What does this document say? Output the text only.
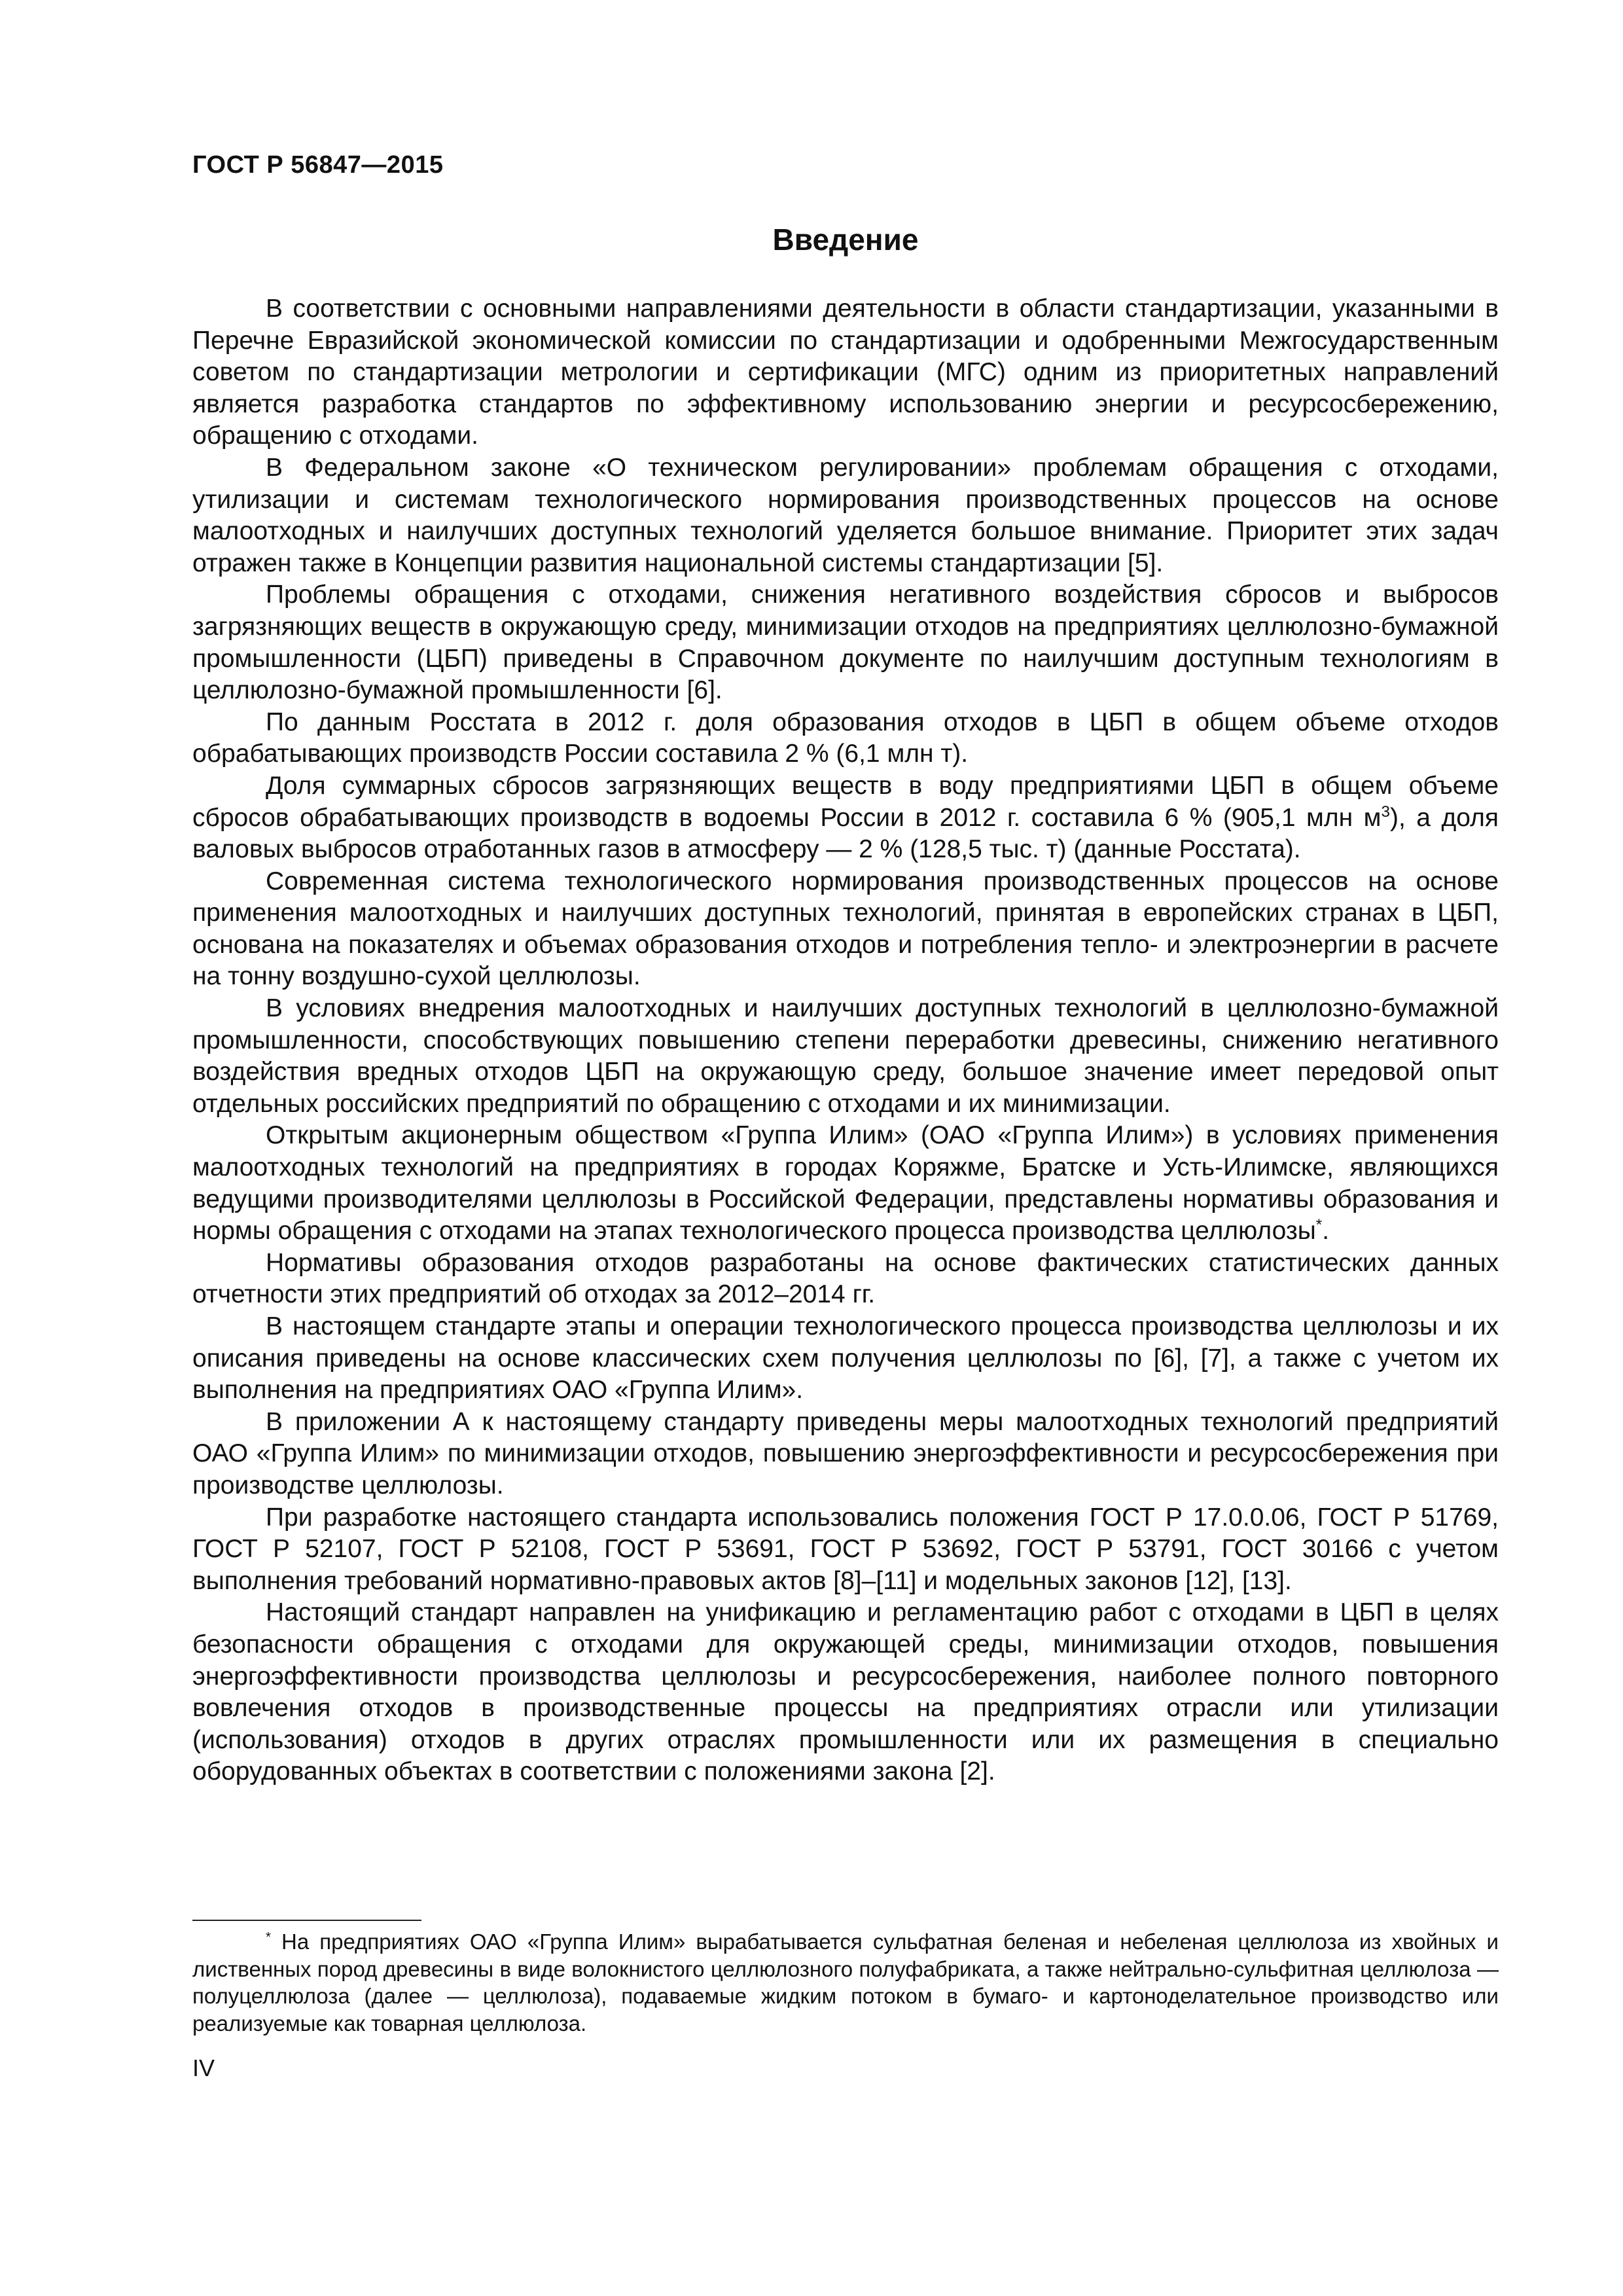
ГОСТ Р 56847—2015
Введение

В соответствии с основными направлениями деятельности в области стандартизации, указанными в Перечне Евразийской экономической комиссии по стандартизации и одобренными Межгосударственным советом по стандартизации метрологии и сертификации (МГС) одним из приоритетных направлений является разработка стандартов по эффективному использованию энергии и ресурсосбережению, обращению с отходами.

В Федеральном законе «О техническом регулировании» проблемам обращения с отходами, утилизации и системам технологического нормирования производственных процессов на основе малоотходных и наилучших доступных технологий уделяется большое внимание. Приоритет этих задач отражен также в Концепции развития национальной системы стандартизации [5].

Проблемы обращения с отходами, снижения негативного воздействия сбросов и выбросов загрязняющих веществ в окружающую среду, минимизации отходов на предприятиях целлюлозно-бумажной промышленности (ЦБП) приведены в Справочном документе по наилучшим доступным технологиям в целлюлозно-бумажной промышленности [6].

По данным Росстата в 2012 г. доля образования отходов в ЦБП в общем объеме отходов обрабатывающих производств России составила 2 % (6,1 млн т).

Доля суммарных сбросов загрязняющих веществ в воду предприятиями ЦБП в общем объеме сбросов обрабатывающих производств в водоемы России в 2012 г. составила 6 % (905,1 млн $м^3$), а доля валовых выбросов отработанных газов в атмосферу — 2 % (128,5 тыс. т) (данные Росстата).

Современная система технологического нормирования производственных процессов на основе применения малоотходных и наилучших доступных технологий, принятая в европейских странах в ЦБП, основана на показателях и объемах образования отходов и потребления тепло- и электроэнергии в расчете на тонну воздушно-сухой целлюлозы.

В условиях внедрения малоотходных и наилучших доступных технологий в целлюлозно-бумажной промышленности, способствующих повышению степени переработки древесины, снижению негативного воздействия вредных отходов ЦБП на окружающую среду, большое значение имеет передовой опыт отдельных российских предприятий по обращению с отходами и их минимизации.

Открытым акционерным обществом «Группа Илим» (ОАО «Группа Илим») в условиях применения малоотходных технологий на предприятиях в городах Коряжме, Братске и Усть-Илимске, являющихся ведущими производителями целлюлозы в Российской Федерации, представлены нормативы образования и нормы обращения с отходами на этапах технологического процесса производства целлюлозы*.

Нормативы образования отходов разработаны на основе фактических статистических данных отчетности этих предприятий об отходах за 2012–2014 гг.

В настоящем стандарте этапы и операции технологического процесса производства целлюлозы и их описания приведены на основе классических схем получения целлюлозы по [6], [7], а также с учетом их выполнения на предприятиях ОАО «Группа Илим».

В приложении А к настоящему стандарту приведены меры малоотходных технологий предприятий ОАО «Группа Илим» по минимизации отходов, повышению энергоэффективности и ресурсосбережения при производстве целлюлозы.

При разработке настоящего стандарта использовались положения ГОСТ Р 17.0.0.06, ГОСТ Р 51769, ГОСТ Р 52107, ГОСТ Р 52108, ГОСТ Р 53691, ГОСТ Р 53692, ГОСТ Р 53791, ГОСТ 30166 с учетом выполнения требований нормативно-правовых актов [8]–[11] и модельных законов [12], [13].

Настоящий стандарт направлен на унификацию и регламентацию работ с отходами в ЦБП в целях безопасности обращения с отходами для окружающей среды, минимизации отходов, повышения энергоэффективности производства целлюлозы и ресурсосбережения, наиболее полного повторного вовлечения отходов в производственные процессы на предприятиях отрасли или утилизации (использования) отходов в других отраслях промышленности или их размещения в специально оборудованных объектах в соответствии с положениями закона [2].

* На предприятиях ОАО «Группа Илим» вырабатывается сульфатная беленая и небеленая целлюлоза из хвойных и лиственных пород древесины в виде волокнистого целлюлозного полуфабриката, а также нейтрально-сульфитная целлюлоза — полуцеллюлоза (далее — целлюлоза), подаваемые жидким потоком в бумаго- и картоноделательное производство или реализуемые как товарная целлюлоза.

IV
